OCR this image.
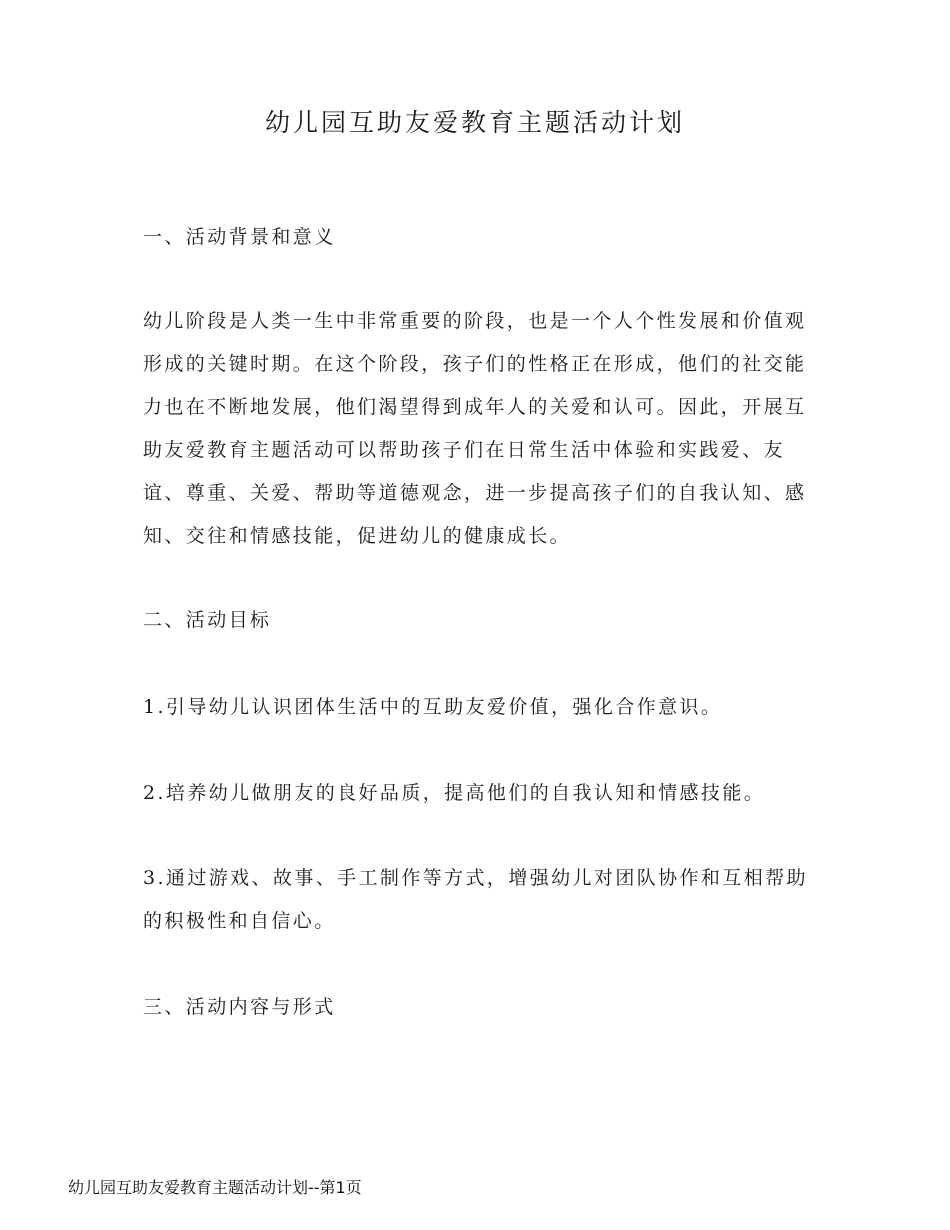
幼儿园互助友爱教育主题活动计划
一、活动背景和意义
幼儿阶段是人类一生中非常重要的阶段，也是一个人个性发展和价值观形成的关键时期。在这个阶段，孩子们的性格正在形成，他们的社交能力也在不断地发展，他们渴望得到成年人的关爱和认可。因此，开展互助友爱教育主题活动可以帮助孩子们在日常生活中体验和实践爱、友谊、尊重、关爱、帮助等道德观念，进一步提高孩子们的自我认知、感知、交往和情感技能，促进幼儿的健康成长。
二、活动目标
1.引导幼儿认识团体生活中的互助友爱价值，强化合作意识。
2.培养幼儿做朋友的良好品质，提高他们的自我认知和情感技能。
3.通过游戏、故事、手工制作等方式，增强幼儿对团队协作和互相帮助的积极性和自信心。
三、活动内容与形式
幼儿园互助友爱教育主题活动计划--第1页
